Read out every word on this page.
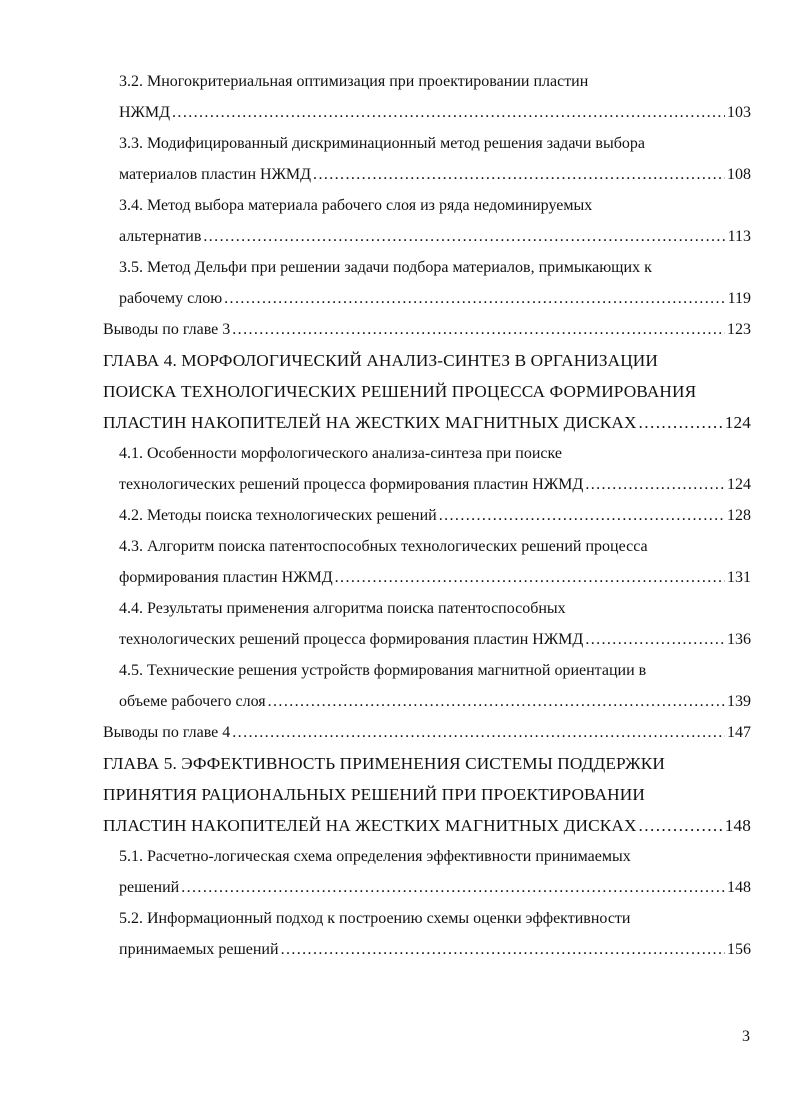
3.2. Многокритериальная оптимизация при проектировании пластин
НЖМД .....	103
3.3. Модифицированный дискриминационный метод решения задачи выбора
материалов пластин НЖМД .....	108
3.4. Метод выбора материала рабочего слоя из ряда недоминируемых
альтернатив .....	113
3.5. Метод Дельфи при решении задачи подбора материалов, примыкающих к
рабочему слою .....	119
Выводы по главе 3 .....	123
ГЛАВА 4. МОРФОЛОГИЧЕСКИЙ АНАЛИЗ-СИНТЕЗ В ОРГАНИЗАЦИИ
ПОИСКА ТЕХНОЛОГИЧЕСКИХ РЕШЕНИЙ ПРОЦЕССА ФОРМИРОВАНИЯ
ПЛАСТИН НАКОПИТЕЛЕЙ НА ЖЕСТКИХ МАГНИТНЫХ ДИСКАХ .....	124
4.1. Особенности морфологического анализа-синтеза при поиске
технологических решений процесса формирования пластин НЖМД .....	124
4.2. Методы поиска технологических решений .....	128
4.3. Алгоритм поиска патентоспособных технологических решений процесса
формирования пластин НЖМД .....	131
4.4. Результаты применения алгоритма поиска патентоспособных
технологических решений процесса формирования пластин НЖМД .....	136
4.5. Технические решения устройств формирования магнитной ориентации в
объеме рабочего слоя .....	139
Выводы по главе 4 .....	147
ГЛАВА 5. ЭФФЕКТИВНОСТЬ ПРИМЕНЕНИЯ СИСТЕМЫ ПОДДЕРЖКИ
ПРИНЯТИЯ РАЦИОНАЛЬНЫХ РЕШЕНИЙ ПРИ ПРОЕКТИРОВАНИИ
ПЛАСТИН НАКОПИТЕЛЕЙ НА ЖЕСТКИХ МАГНИТНЫХ ДИСКАХ .....	148
5.1. Расчетно-логическая схема определения эффективности принимаемых
решений .....	148
5.2. Информационный подход к построению схемы оценки эффективности
принимаемых решений .....	156
3
